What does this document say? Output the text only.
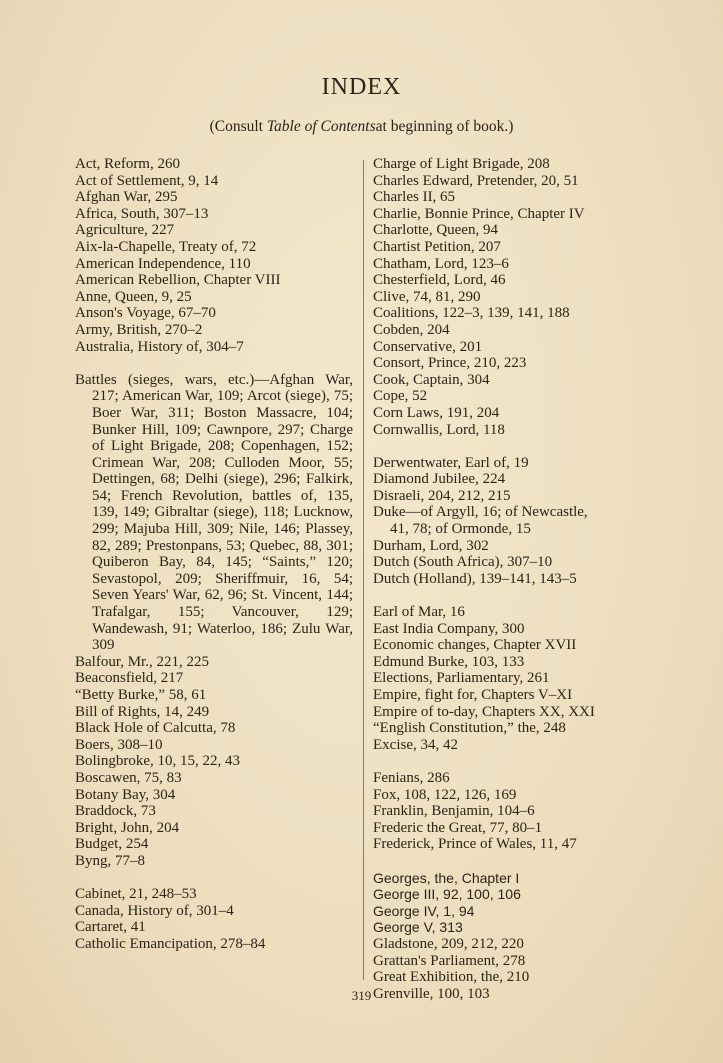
INDEX
(Consult Table of Contentsat beginning of book.)
Act, Reform, 260
Act of Settlement, 9, 14
Afghan War, 295
Africa, South, 307–13
Agriculture, 227
Aix-la-Chapelle, Treaty of, 72
American Independence, 110
American Rebellion, Chapter VIII
Anne, Queen, 9, 25
Anson's Voyage, 67–70
Army, British, 270–2
Australia, History of, 304–7
Battles (sieges, wars, etc.)—Afghan War, 217; American War, 109; Arcot (siege), 75; Boer War, 311; Boston Massacre, 104; Bunker Hill, 109; Cawnpore, 297; Charge of Light Brigade, 208; Copenhagen, 152; Crimean War, 208; Culloden Moor, 55; Dettingen, 68; Delhi (siege), 296; Falkirk, 54; French Revolution, battles of, 135, 139, 149; Gibraltar (siege), 118; Lucknow, 299; Majuba Hill, 309; Nile, 146; Plassey, 82, 289; Prestonpans, 53; Quebec, 88, 301; Quiberon Bay, 84, 145; “Saints,” 120; Sevastopol, 209; Sheriffmuir, 16, 54; Seven Years' War, 62, 96; St. Vincent, 144; Trafalgar, 155; Vancouver, 129; Wandewash, 91; Waterloo, 186; Zulu War, 309
Balfour, Mr., 221, 225
Beaconsfield, 217
“Betty Burke,” 58, 61
Bill of Rights, 14, 249
Black Hole of Calcutta, 78
Boers, 308–10
Bolingbroke, 10, 15, 22, 43
Boscawen, 75, 83
Botany Bay, 304
Braddock, 73
Bright, John, 204
Budget, 254
Byng, 77–8
Cabinet, 21, 248–53
Canada, History of, 301–4
Cartaret, 41
Catholic Emancipation, 278–84
Charge of Light Brigade, 208
Charles Edward, Pretender, 20, 51
Charles II, 65
Charlie, Bonnie Prince, Chapter IV
Charlotte, Queen, 94
Chartist Petition, 207
Chatham, Lord, 123–6
Chesterfield, Lord, 46
Clive, 74, 81, 290
Coalitions, 122–3, 139, 141, 188
Cobden, 204
Conservative, 201
Consort, Prince, 210, 223
Cook, Captain, 304
Cope, 52
Corn Laws, 191, 204
Cornwallis, Lord, 118
Derwentwater, Earl of, 19
Diamond Jubilee, 224
Disraeli, 204, 212, 215
Duke—of Argyll, 16; of Newcastle,
41, 78; of Ormonde, 15
Durham, Lord, 302
Dutch (South Africa), 307–10
Dutch (Holland), 139–141, 143–5
Earl of Mar, 16
East India Company, 300
Economic changes, Chapter XVII
Edmund Burke, 103, 133
Elections, Parliamentary, 261
Empire, fight for, Chapters V–XI
Empire of to-day, Chapters XX, XXI
“English Constitution,” the, 248
Excise, 34, 42
Fenians, 286
Fox, 108, 122, 126, 169
Franklin, Benjamin, 104–6
Frederic the Great, 77, 80–1
Frederick, Prince of Wales, 11, 47
Georges, the, Chapter I
George III, 92, 100, 106
George IV, 1, 94
George V, 313
Gladstone, 209, 212, 220
Grattan's Parliament, 278
Great Exhibition, the, 210
Grenville, 100, 103
319
